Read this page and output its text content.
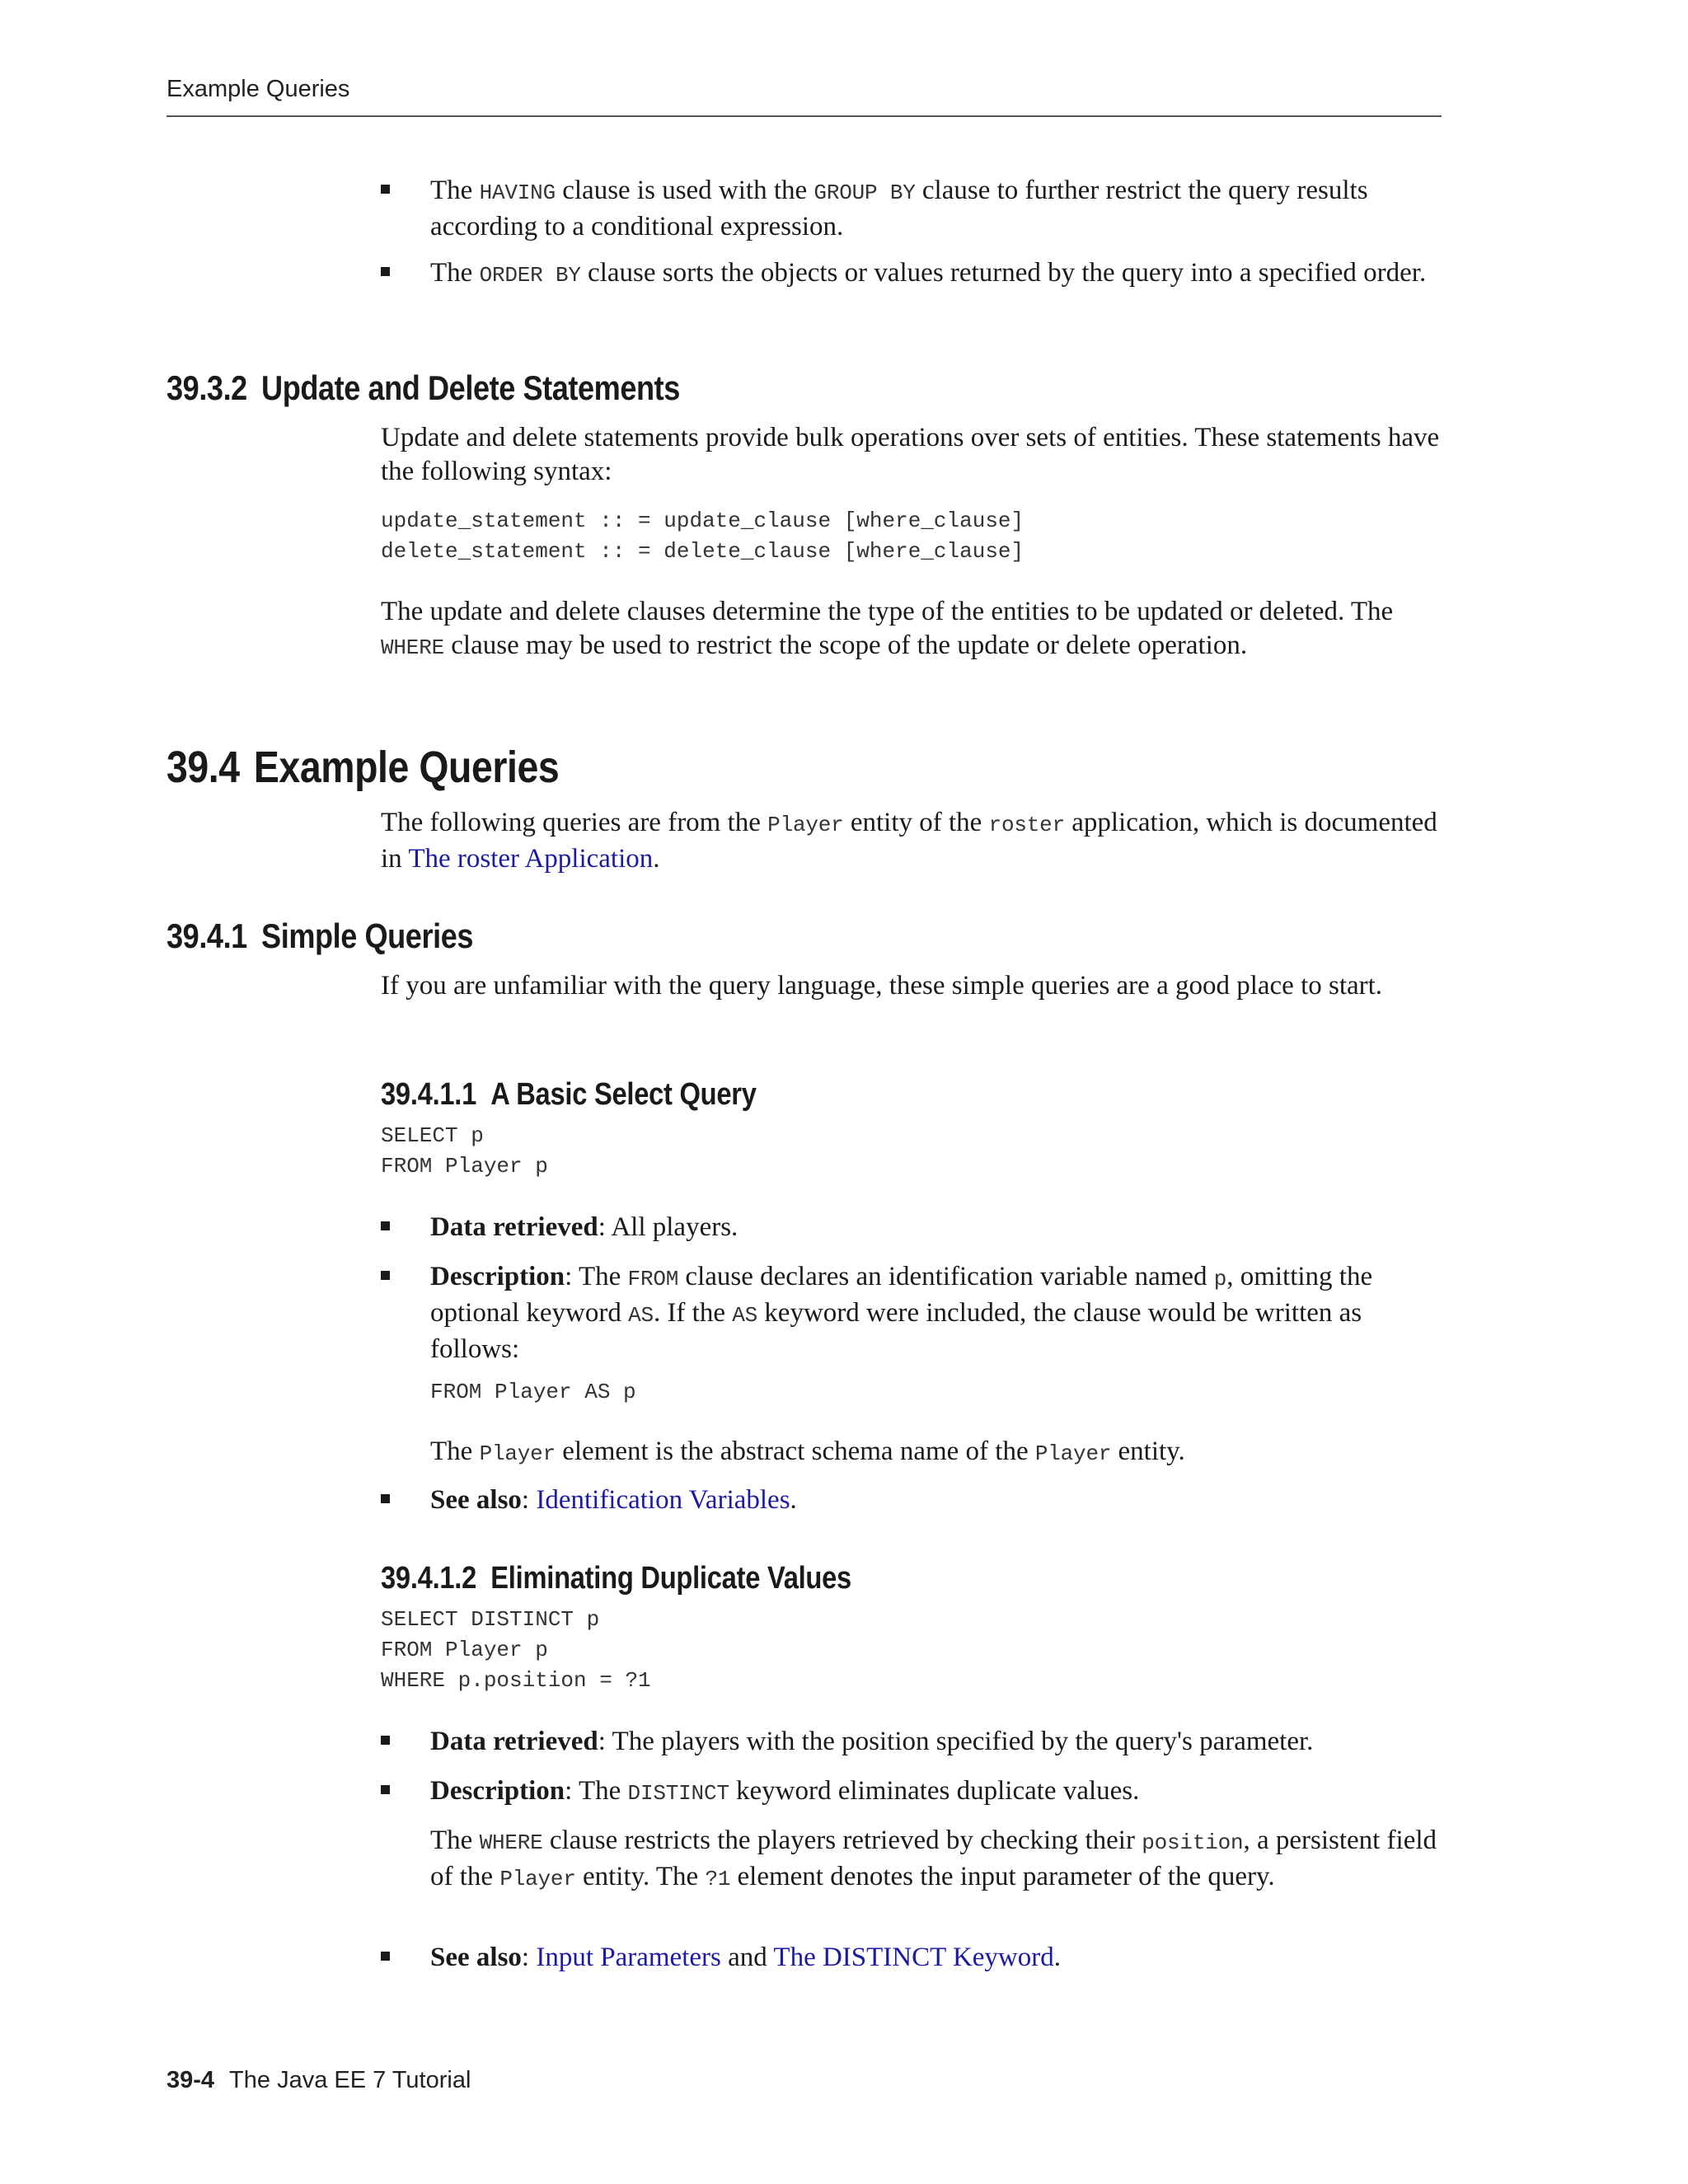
Example Queries

The HAVING clause is used with the GROUP BY clause to further restrict the query results according to a conditional expression.

The ORDER BY clause sorts the objects or values returned by the query into a specified order.

39.3.2 Update and Delete Statements

Update and delete statements provide bulk operations over sets of entities. These statements have the following syntax:

update_statement :: = update_clause [where_clause]
delete_statement :: = delete_clause [where_clause]

The update and delete clauses determine the type of the entities to be updated or deleted. The WHERE clause may be used to restrict the scope of the update or delete operation.

39.4 Example Queries

The following queries are from the Player entity of the roster application, which is documented in The roster Application.

39.4.1 Simple Queries

If you are unfamiliar with the query language, these simple queries are a good place to start.

39.4.1.1 A Basic Select Query
SELECT p
FROM Player p

Data retrieved: All players.

Description: The FROM clause declares an identification variable named p, omitting the optional keyword AS. If the AS keyword were included, the clause would be written as follows:

FROM Player AS p

The Player element is the abstract schema name of the Player entity.

See also: Identification Variables.

39.4.1.2 Eliminating Duplicate Values
SELECT DISTINCT p
FROM Player p
WHERE p.position = ?1

Data retrieved: The players with the position specified by the query's parameter.

Description: The DISTINCT keyword eliminates duplicate values.

The WHERE clause restricts the players retrieved by checking their position, a persistent field of the Player entity. The ?1 element denotes the input parameter of the query.

See also: Input Parameters and The DISTINCT Keyword.

39-4 The Java EE 7 Tutorial
